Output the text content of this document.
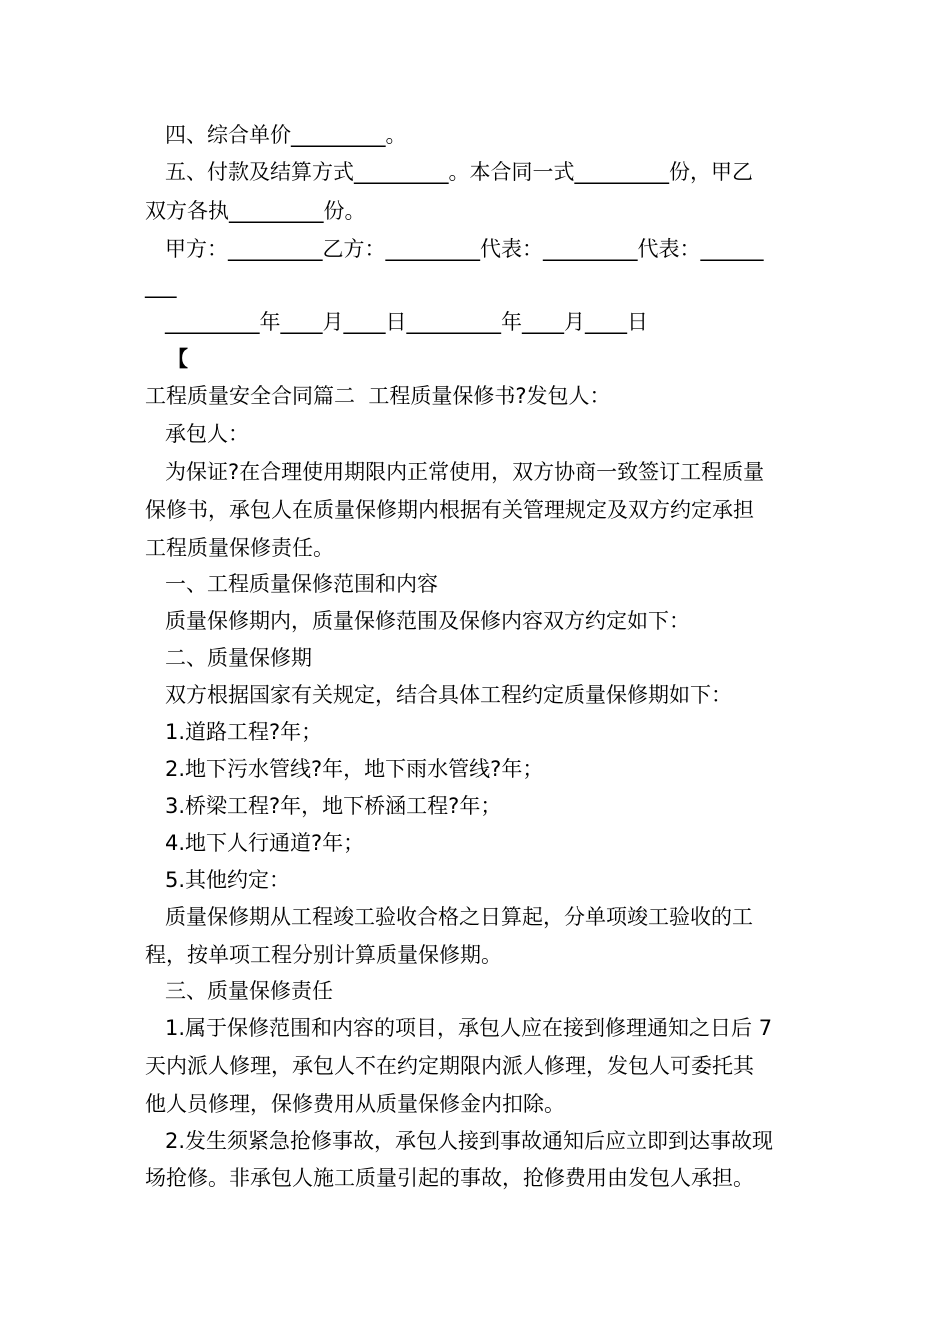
四、综合单价_________。
五、付款及结算方式_________。本合同一式_________份，甲乙
双方各执_________份。
甲方：_________乙方：_________代表：_________代表：______
___
_________年____月____日_________年____月____日
【
工程质量安全合同篇二  工程质量保修书?发包人：
承包人：
为保证?在合理使用期限内正常使用，双方协商一致签订工程质量
保修书，承包人在质量保修期内根据有关管理规定及双方约定承担
工程质量保修责任。
一、工程质量保修范围和内容
质量保修期内，质量保修范围及保修内容双方约定如下：
二、质量保修期
双方根据国家有关规定，结合具体工程约定质量保修期如下：
1.道路工程?年；
2.地下污水管线?年，地下雨水管线?年；
3.桥梁工程?年，地下桥涵工程?年；
4.地下人行通道?年；
5.其他约定：
质量保修期从工程竣工验收合格之日算起，分单项竣工验收的工
程，按单项工程分别计算质量保修期。
三、质量保修责任
1.属于保修范围和内容的项目，承包人应在接到修理通知之日后 7
天内派人修理，承包人不在约定期限内派人修理，发包人可委托其
他人员修理，保修费用从质量保修金内扣除。
2.发生须紧急抢修事故，承包人接到事故通知后应立即到达事故现
场抢修。非承包人施工质量引起的事故，抢修费用由发包人承担。
